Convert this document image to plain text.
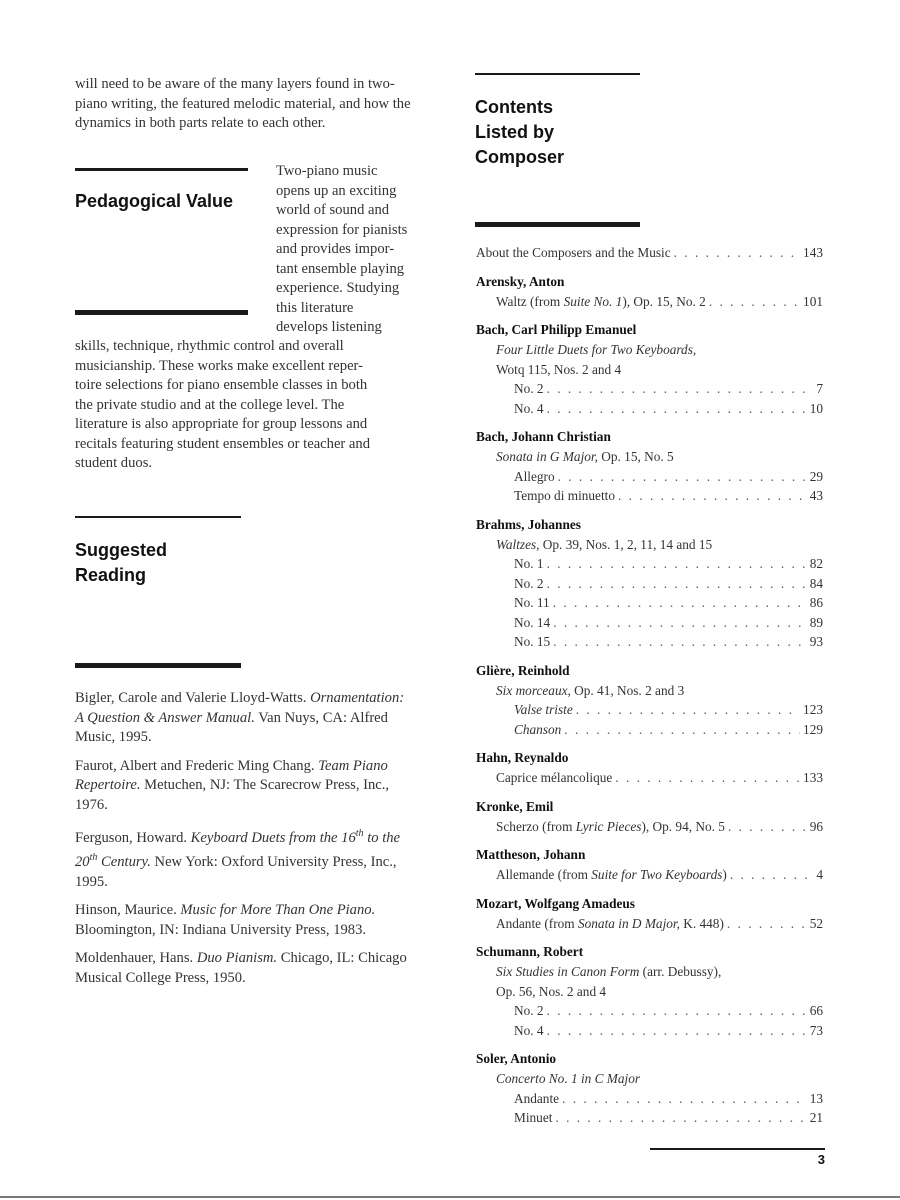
will need to be aware of the many layers found in two-piano writing, the featured melodic material, and how the dynamics in both parts relate to each other.
Pedagogical Value
Two-piano music
opens up an exciting
world of sound and
expression for pianists
and provides impor-
tant ensemble playing
experience. Studying
this literature
develops listening
skills, technique, rhythmic control and overall
musicianship. These works make excellent reper-
toire selections for piano ensemble classes in both
the private studio and at the college level. The
literature is also appropriate for group lessons and
recitals featuring student ensembles or teacher and
student duos.
Suggested
Reading

Bigler, Carole and Valerie Lloyd-Watts. Ornamentation: A Question & Answer Manual. Van Nuys, CA: Alfred Music, 1995.

Faurot, Albert and Frederic Ming Chang. Team Piano Repertoire. Metuchen, NJ: The Scarecrow Press, Inc., 1976.

Ferguson, Howard. Keyboard Duets from the 16th to the 20th Century. New York: Oxford University Press, Inc., 1995.

Hinson, Maurice. Music for More Than One Piano. Bloomington, IN: Indiana University Press, 1983.

Moldenhauer, Hans. Duo Pianism. Chicago, IL: Chicago Musical College Press, 1950.

Contents
Listed by
Composer
About the Composers and the Music . . .	143
Arensky, Anton
Waltz (from Suite No. 1), Op. 15, No. 2 . . .	101
Bach, Carl Philipp Emanuel
Four Little Duets for Two Keyboards,
Wotq 115, Nos. 2 and 4
No. 2 . . .	7
No. 4 . . .	10
Bach, Johann Christian
Sonata in G Major, Op. 15, No. 5
Allegro . . .	29
Tempo di minuetto . . .	43
Brahms, Johannes
Waltzes, Op. 39, Nos. 1, 2, 11, 14 and 15
No. 1 . . .	82
No. 2 . . .	84
No. 11 . . .	86
No. 14 . . .	89
No. 15 . . .	93
Glière, Reinhold
Six morceaux, Op. 41, Nos. 2 and 3
Valse triste . . .	123
Chanson . . .	129
Hahn, Reynaldo
Caprice mélancolique . . .	133
Kronke, Emil
Scherzo (from Lyric Pieces), Op. 94, No. 5 . . .	96
Mattheson, Johann
Allemande (from Suite for Two Keyboards) . . .	4
Mozart, Wolfgang Amadeus
Andante (from Sonata in D Major, K. 448) . . .	52
Schumann, Robert
Six Studies in Canon Form (arr. Debussy),
Op. 56, Nos. 2 and 4
No. 2 . . .	66
No. 4 . . .	73
Soler, Antonio
Concerto No. 1 in C Major
Andante . . .	13
Minuet . . .	21
3
